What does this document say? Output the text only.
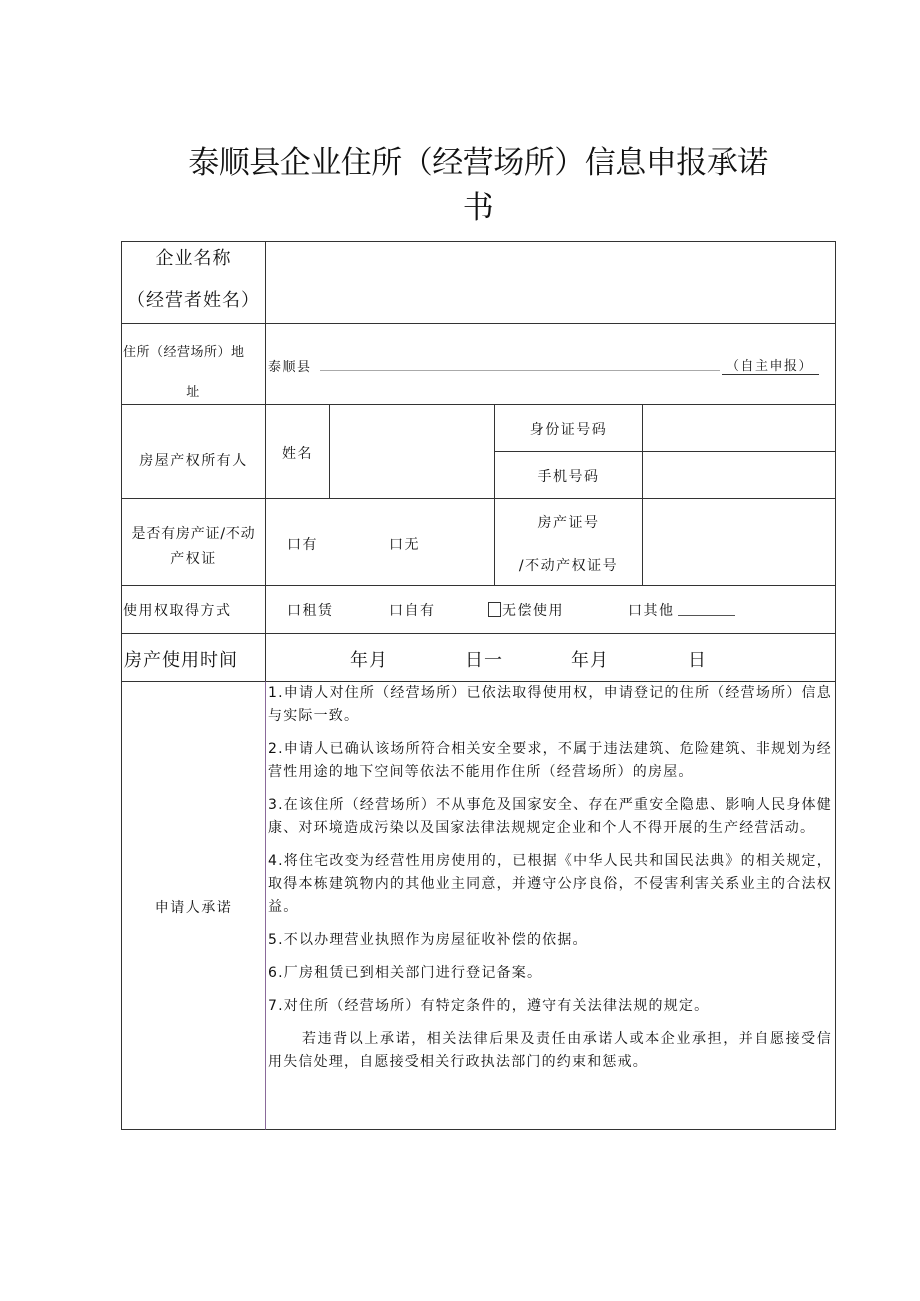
泰顺县企业住所（经营场所）信息申报承诺
书
企业名称
（经营者姓名）
住所（经营场所）地
址
泰顺县	（自主申报）
房屋产权所有人	姓名
身份证号码
手机号码
是否有房产证/不动
产权证
口有	口无
房产证号
/不动产权证号
使用权取得方式	口租赁	口自有	无偿使用	口其他
房产使用时间	年月	日一	年月	日
申请人承诺

1.申请人对住所（经营场所）已依法取得使用权，申请登记的住所（经营场所）信息与实际一致。

2.申请人已确认该场所符合相关安全要求，不属于违法建筑、危险建筑、非规划为经营性用途的地下空间等依法不能用作住所（经营场所）的房屋。

3.在该住所（经营场所）不从事危及国家安全、存在严重安全隐患、影响人民身体健康、对环境造成污染以及国家法律法规规定企业和个人不得开展的生产经营活动。

4.将住宅改变为经营性用房使用的，已根据《中华人民共和国民法典》的相关规定，取得本栋建筑物内的其他业主同意，并遵守公序良俗，不侵害利害关系业主的合法权益。

5.不以办理营业执照作为房屋征收补偿的依据。

6.厂房租赁已到相关部门进行登记备案。

7.对住所（经营场所）有特定条件的，遵守有关法律法规的规定。

若违背以上承诺，相关法律后果及责任由承诺人或本企业承担，并自愿接受信用失信处理，自愿接受相关行政执法部门的约束和惩戒。
